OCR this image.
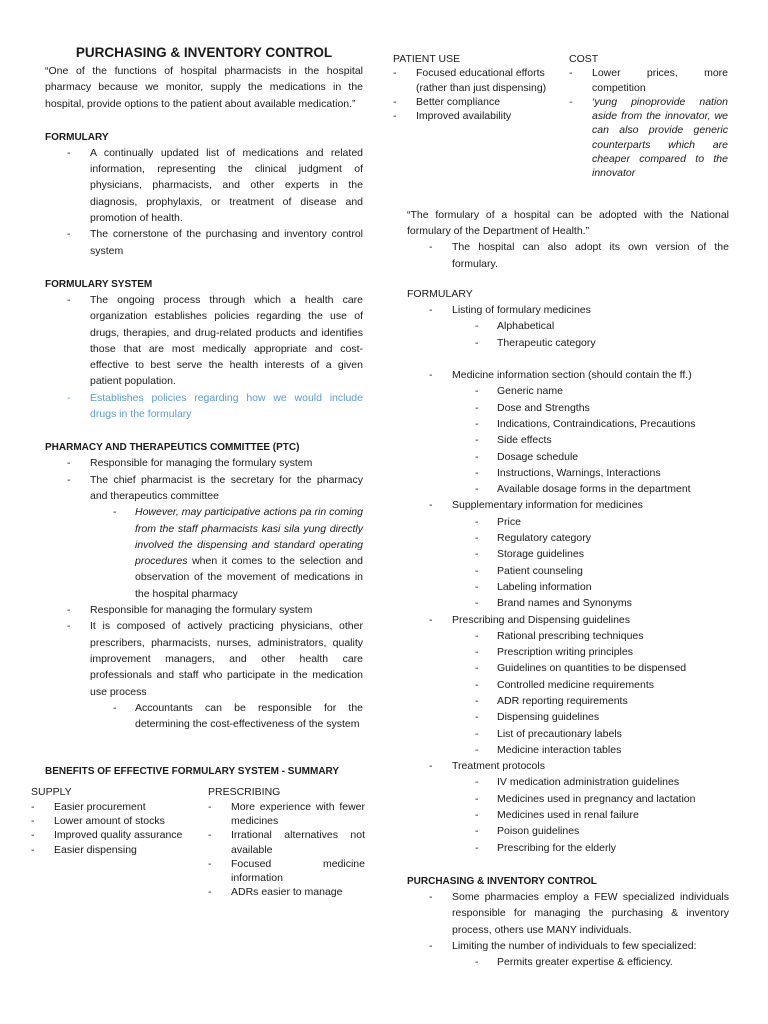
PURCHASING & INVENTORY CONTROL
“One of the functions of hospital pharmacists in the hospital pharmacy because we monitor, supply the medications in the hospital, provide options to the patient about available medication.”
FORMULARY
- A continually updated list of medications and related information, representing the clinical judgment of physicians, pharmacists, and other experts in the diagnosis, prophylaxis, or treatment of disease and promotion of health.
- The cornerstone of the purchasing and inventory control system
FORMULARY SYSTEM
- The ongoing process through which a health care organization establishes policies regarding the use of drugs, therapies, and drug-related products and identifies those that are most medically appropriate and cost-effective to best serve the health interests of a given patient population.
- Establishes policies regarding how we would include drugs in the formulary
PHARMACY AND THERAPEUTICS COMMITTEE (PTC)
- Responsible for managing the formulary system
- The chief pharmacist is the secretary for the pharmacy and therapeutics committee
- However, may participative actions pa rin coming from the staff pharmacists kasi sila yung directly involved the dispensing and standard operating procedures when it comes to the selection and observation of the movement of medications in the hospital pharmacy
- Responsible for managing the formulary system
- It is composed of actively practicing physicians, other prescribers, pharmacists, nurses, administrators, quality improvement managers, and other health care professionals and staff who participate in the medication use process
- Accountants can be responsible for the determining the cost-effectiveness of the system
BENEFITS OF EFFECTIVE FORMULARY SYSTEM - SUMMARY
SUPPLY
- Easier procurement
- Lower amount of stocks
- Improved quality assurance
- Easier dispensing
PRESCRIBING
- More experience with fewer medicines
- Irrational alternatives not available
- Focused medicine information
- ADRs easier to manage
PATIENT USE
- Focused educational efforts (rather than just dispensing)
- Better compliance
- Improved availability
COST
- Lower prices, more competition
- ‘yung pinoprovide nation aside from the innovator, we can also provide generic counterparts which are cheaper compared to the innovator
“The formulary of a hospital can be adopted with the National formulary of the Department of Health.”
- The hospital can also adopt its own version of the formulary.
FORMULARY
- Listing of formulary medicines
- Alphabetical
- Therapeutic category
- Medicine information section (should contain the ff.)
- Generic name
- Dose and Strengths
- Indications, Contraindications, Precautions
- Side effects
- Dosage schedule
- Instructions, Warnings, Interactions
- Available dosage forms in the department
- Supplementary information for medicines
- Price
- Regulatory category
- Storage guidelines
- Patient counseling
- Labeling information
- Brand names and Synonyms
- Prescribing and Dispensing guidelines
- Rational prescribing techniques
- Prescription writing principles
- Guidelines on quantities to be dispensed
- Controlled medicine requirements
- ADR reporting requirements
- Dispensing guidelines
- List of precautionary labels
- Medicine interaction tables
- Treatment protocols
- IV medication administration guidelines
- Medicines used in pregnancy and lactation
- Medicines used in renal failure
- Poison guidelines
- Prescribing for the elderly
PURCHASING & INVENTORY CONTROL
- Some pharmacies employ a FEW specialized individuals responsible for managing the purchasing & inventory process, others use MANY individuals.
- Limiting the number of individuals to few specialized:
- Permits greater expertise & efficiency.
